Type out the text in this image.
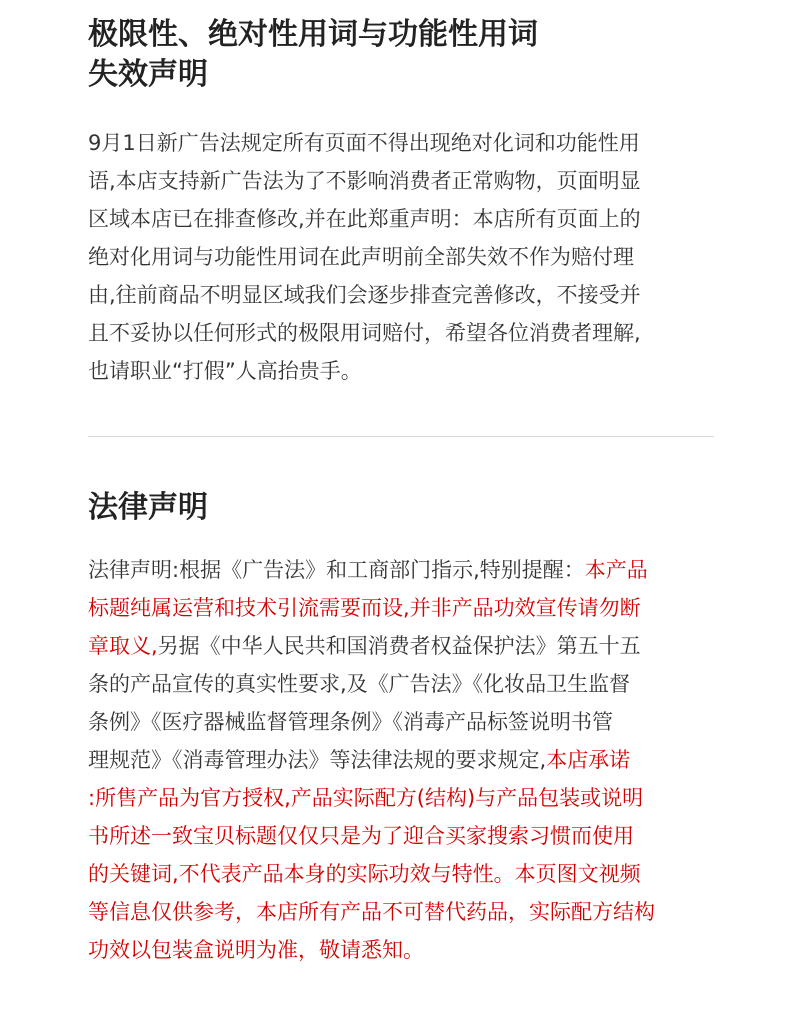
极限性、绝对性用词与功能性用词
失效声明

9月1日新广告法规定所有页面不得出现绝对化词和功能性用
语,本店支持新广告法为了不影响消费者正常购物，页面明显
区域本店已在排查修改,并在此郑重声明：本店所有页面上的
绝对化用词与功能性用词在此声明前全部失效不作为赔付理
由,往前商品不明显区域我们会逐步排查完善修改，不接受并
且不妥协以任何形式的极限用词赔付，希望各位消费者理解,
也请职业“打假”人高抬贵手。

法律声明

法律声明:根据《广告法》和工商部门指示,特别提醒：本产品
标题纯属运营和技术引流需要而设,并非产品功效宣传请勿断
章取义,另据《中华人民共和国消费者权益保护法》第五十五
条的产品宣传的真实性要求,及《广告法》《化妆品卫生监督
条例》《医疗器械监督管理条例》《消毒产品标签说明书管
理规范》《消毒管理办法》等法律法规的要求规定,本店承诺
:所售产品为官方授权,产品实际配方(结构)与产品包装或说明
书所述一致宝贝标题仅仅只是为了迎合买家搜索习惯而使用
的关键词,不代表产品本身的实际功效与特性。本页图文视频
等信息仅供参考，本店所有产品不可替代药品，实际配方结构
功效以包装盒说明为准，敬请悉知。
